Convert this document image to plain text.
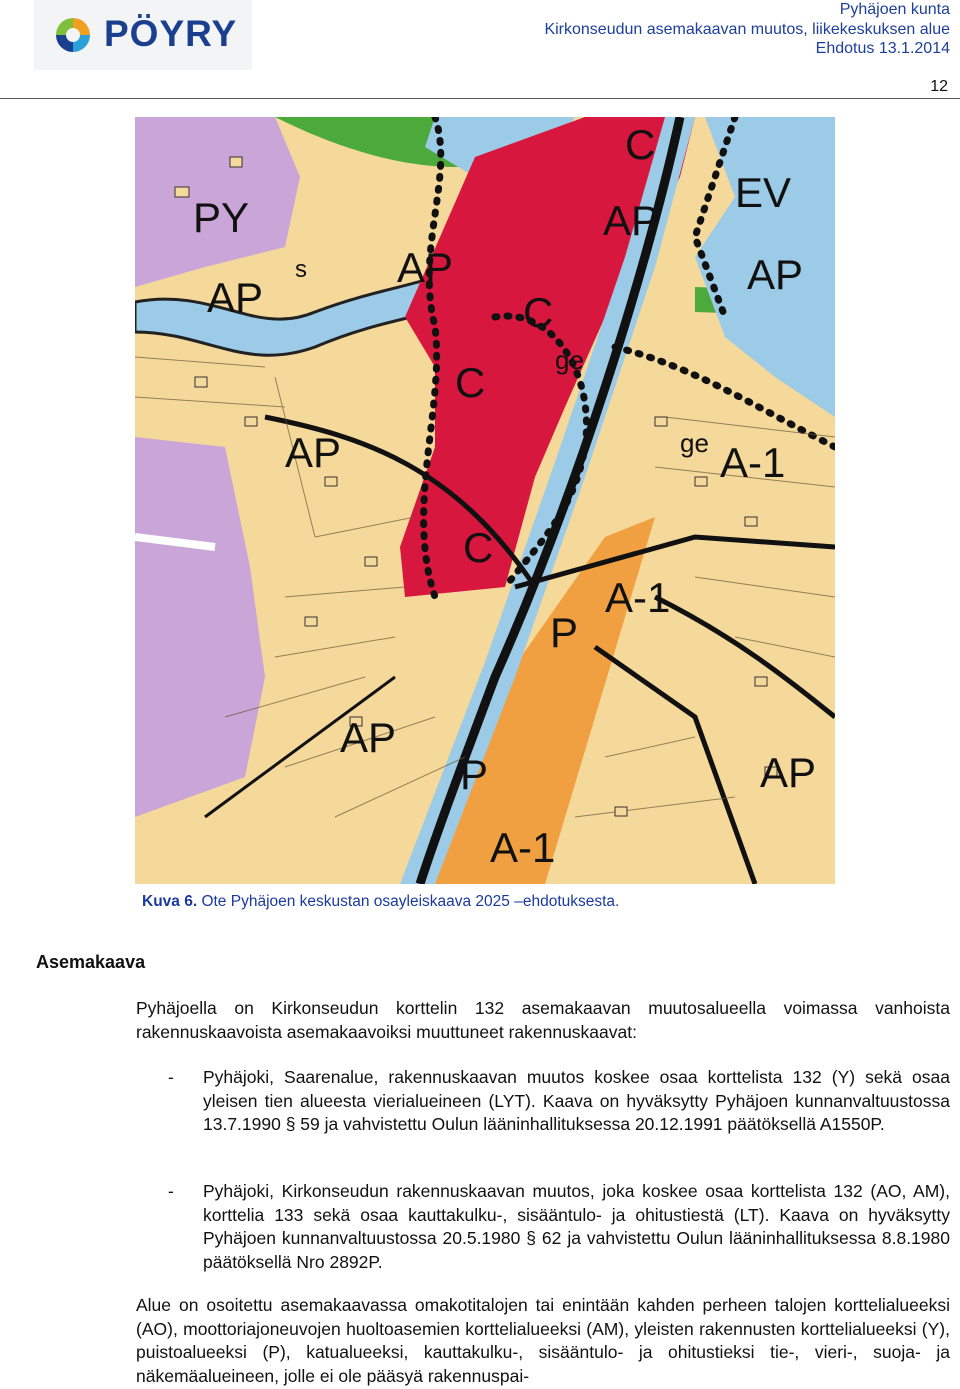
PÖYRY
Pyhäjoen kunta
Kirkonseudun asemakaavan muutos, liikekeskuksen alue
Ehdotus 13.1.2014
12
PY
AP
AP
AP
AP
AP
AP
AP
C
C
C
C
EV
ge
ge A-1
A-1
A-1
P
P
s
Kuva 6. Ote Pyhäjoen keskustan osayleiskaava 2025 –ehdotuksesta.
Asemakaava
Pyhäjoella on Kirkonseudun korttelin 132 asemakaavan muutosalueella voimassa vanhoista rakennuskaavoista asemakaavoiksi muuttuneet rakennuskaavat:
- Pyhäjoki, Saarenalue, rakennuskaavan muutos koskee osaa korttelista 132 (Y) sekä osaa yleisen tien alueesta vierialueineen (LYT). Kaava on hyväksytty Pyhäjoen kunnanvaltuustossa 13.7.1990 § 59 ja vahvistettu Oulun lääninhallituksessa 20.12.1991 päätöksellä A1550P.
- Pyhäjoki, Kirkonseudun rakennuskaavan muutos, joka koskee osaa korttelista 132 (AO, AM), korttelia 133 sekä osaa kauttakulku-, sisääntulo- ja ohitustiestä (LT). Kaava on hyväksytty Pyhäjoen kunnanvaltuustossa 20.5.1980 § 62 ja vahvistettu Oulun lääninhallituksessa 8.8.1980 päätöksellä Nro 2892P.
Alue on osoitettu asemakaavassa omakotitalojen tai enintään kahden perheen talojen korttelialueeksi (AO), moottoriajoneuvojen huoltoasemien korttelialueeksi (AM), yleisten rakennusten korttelialueeksi (Y), puistoalueeksi (P), katualueeksi, kauttakulku-, sisääntulo- ja ohitustieksi tie-, vieri-, suoja- ja näkemäalueineen, jolle ei ole pääsyä rakennuspai-
